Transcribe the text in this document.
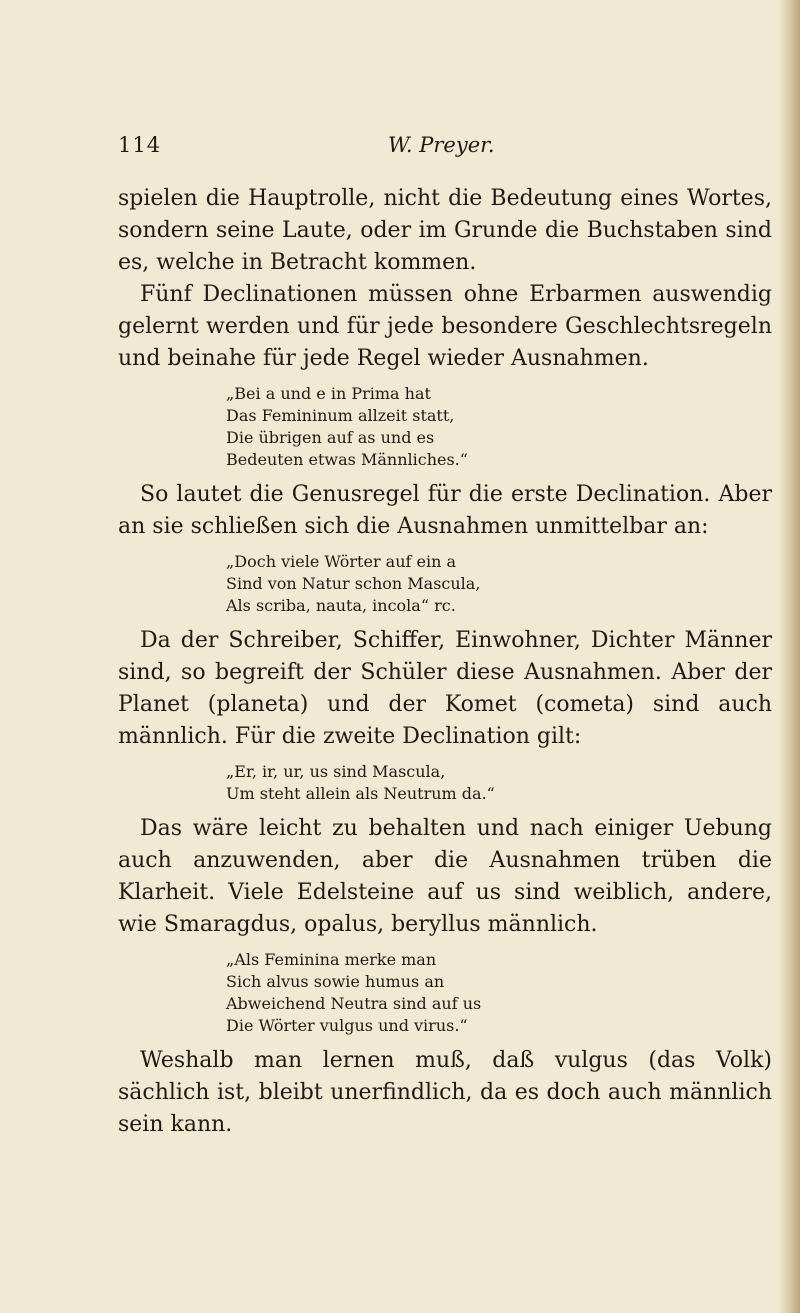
114	W. Preyer.

spielen die Hauptrolle, nicht die Bedeutung eines Wortes, sondern seine Laute, oder im Grunde die Buchstaben sind es, welche in Betracht kommen.

Fünf Declinationen müssen ohne Erbarmen auswendig gelernt werden und für jede besondere Geschlechtsregeln und beinahe für jede Regel wieder Ausnahmen.

„Bei a und e in Prima hat
Das Femininum allzeit statt,
Die übrigen auf as und es
Bedeuten etwas Männliches.“

So lautet die Genusregel für die erste Declination. Aber an sie schließen sich die Ausnahmen unmittelbar an:

„Doch viele Wörter auf ein a
Sind von Natur schon Mascula,
Als scriba, nauta, incola“ rc.

Da der Schreiber, Schiffer, Einwohner, Dichter Männer sind, so begreift der Schüler diese Ausnahmen. Aber der Planet (planeta) und der Komet (cometa) sind auch männlich. Für die zweite Declination gilt:

„Er, ir, ur, us sind Mascula,
Um steht allein als Neutrum da.“

Das wäre leicht zu behalten und nach einiger Uebung auch anzuwenden, aber die Ausnahmen trüben die Klarheit. Viele Edelsteine auf us sind weiblich, andere, wie Smaragdus, opalus, beryllus männlich.

„Als Feminina merke man
Sich alvus sowie humus an
Abweichend Neutra sind auf us
Die Wörter vulgus und virus.“

Weshalb man lernen muß, daß vulgus (das Volk) sächlich ist, bleibt unerfindlich, da es doch auch männlich sein kann.
